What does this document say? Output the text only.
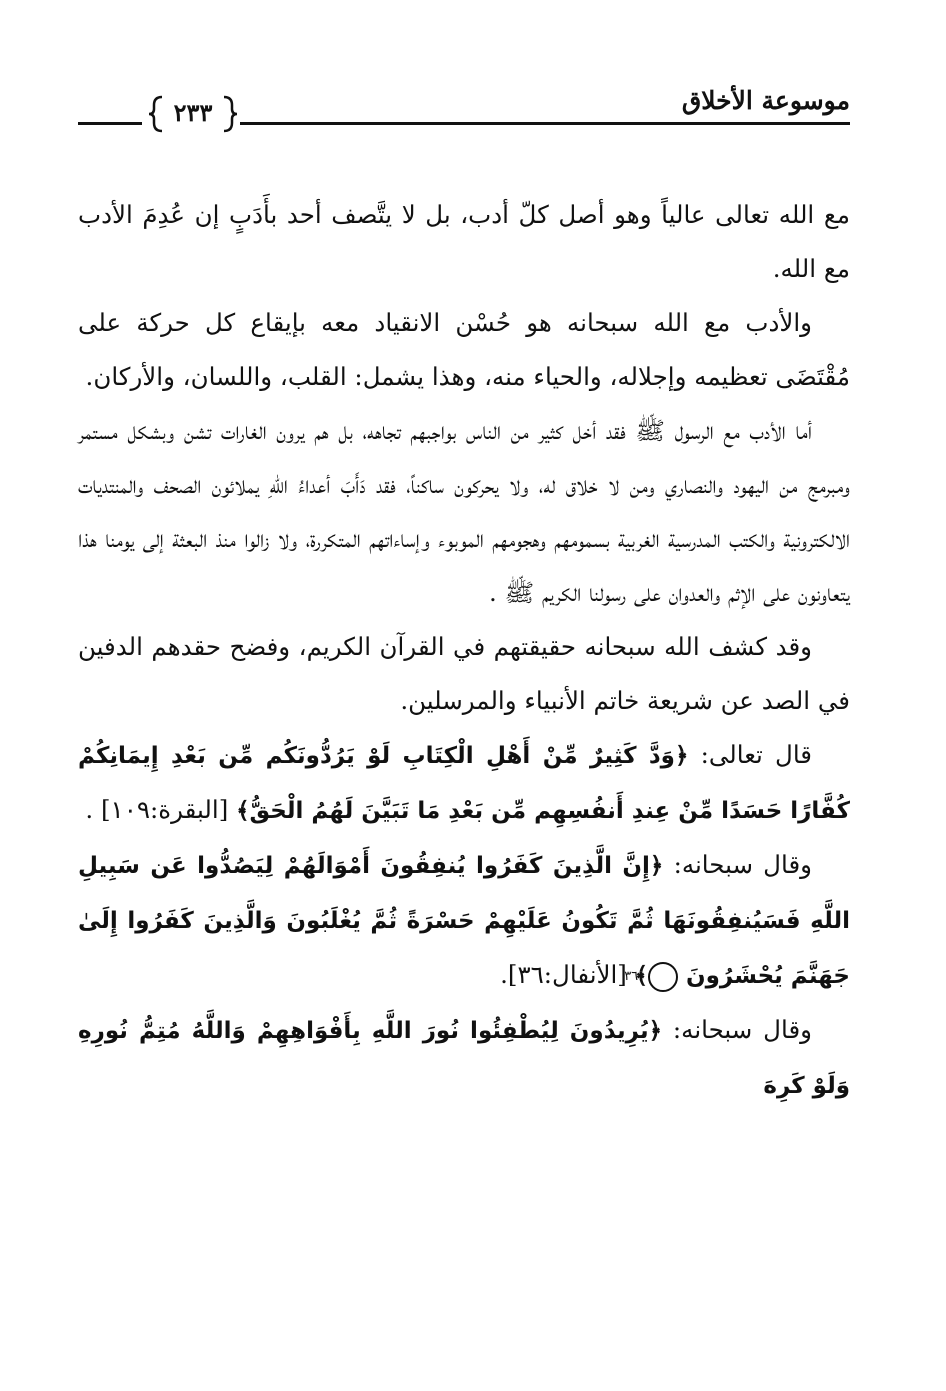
موسوعة الأخلاق
٢٣٣

مع الله تعالى عالياً وهو أصل كلّ أدب، بل لا يتَّصف أحد بأَدَبٍ إن عُدِمَ الأدب مع الله.

والأدب مع الله سبحانه هو حُسْن الانقياد معه بإيقاع كل حركة على مُقْتَضَى تعظيمه وإجلاله، والحياء منه، وهذا يشمل: القلب، واللسان، والأركان.

أما الأدب مع الرسول ﷺ فقد أخل كثير من الناس بواجبهم تجاهه، بل هم يرون الغارات تشن وبشكل مستمر ومبرمج من اليهود والنصاري ومن لا خلاق له، ولا يحركون ساكناً، فقد دَأَبَ أعداءُ اللهِ يملائون الصحف والمنتديات الالكترونية والكتب المدرسية الغربية بسمومهم وهجومهم الموبوء وإساءاتهم المتكررة، ولا زالوا منذ البعثة إلى يومنا هذا يتعاونون على الإثم والعدوان على رسولنا الكريم ﷺ .

وقد كشف الله سبحانه حقيقتهم في القرآن الكريم، وفضح حقدهم الدفين في الصد عن شريعة خاتم الأنبياء والمرسلين.

قال تعالى: ﴿وَدَّ كَثِيرٌ مِّنْ أَهْلِ الْكِتَابِ لَوْ يَرُدُّونَكُم مِّن بَعْدِ إِيمَانِكُمْ كُفَّارًا حَسَدًا مِّنْ عِندِ أَنفُسِهِم مِّن بَعْدِ مَا تَبَيَّنَ لَهُمُ الْحَقُّ﴾ [البقرة:١٠٩] .

وقال سبحانه: ﴿إِنَّ الَّذِينَ كَفَرُوا يُنفِقُونَ أَمْوَالَهُمْ لِيَصُدُّوا عَن سَبِيلِ اللَّهِ فَسَيُنفِقُونَهَا ثُمَّ تَكُونُ عَلَيْهِمْ حَسْرَةً ثُمَّ يُغْلَبُونَ وَالَّذِينَ كَفَرُوا إِلَىٰ جَهَنَّمَ يُحْشَرُونَ ٣٦﴾ [الأنفال:٣٦].

وقال سبحانه: ﴿يُرِيدُونَ لِيُطْفِئُوا نُورَ اللَّهِ بِأَفْوَاهِهِمْ وَاللَّهُ مُتِمُّ نُورِهِ وَلَوْ كَرِهَ
